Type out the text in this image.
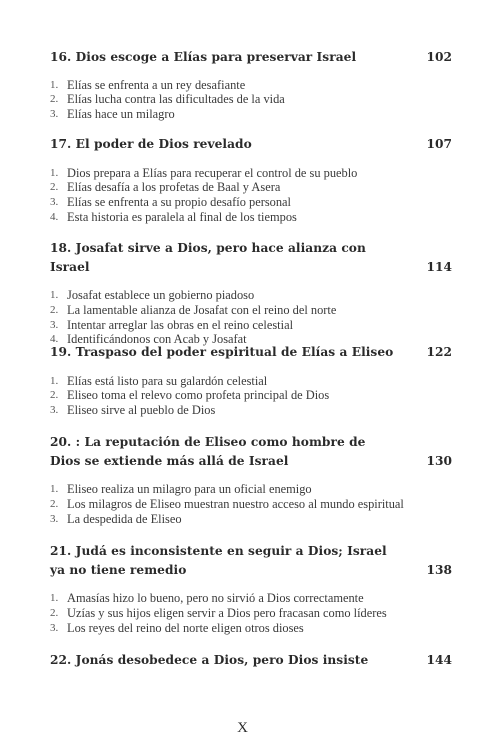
16. Dios escoge a Elías para preservar Israel	102
1. Elías se enfrenta a un rey desafiante
2. Elías lucha contra las dificultades de la vida
3. Elías hace un milagro
17. El poder de Dios revelado	107
1. Dios prepara a Elías para recuperar el control de su pueblo
2. Elías desafía a los profetas de Baal y Asera
3. Elías se enfrenta a su propio desafío personal
4. Esta historia es paralela al final de los tiempos
18. Josafat sirve a Dios, pero hace alianza con Israel	114
1. Josafat establece un gobierno piadoso
2. La lamentable alianza de Josafat con el reino del norte
3. Intentar arreglar las obras en el reino celestial
4. Identificándonos con Acab y Josafat
19. Traspaso del poder espiritual de Elías a Eliseo	122
1. Elías está listo para su galardón celestial
2. Eliseo toma el relevo como profeta principal de Dios
3. Eliseo sirve al pueblo de Dios
20. : La reputación de Eliseo como hombre de Dios se extiende más allá de Israel	130
1. Eliseo realiza un milagro para un oficial enemigo
2. Los milagros de Eliseo muestran nuestro acceso al mundo espiritual
3. La despedida de Eliseo
21. Judá es inconsistente en seguir a Dios; Israel ya no tiene remedio	138
1. Amasías hizo lo bueno, pero no sirvió a Dios correctamente
2. Uzías y sus hijos eligen servir a Dios pero fracasan como líderes
3. Los reyes del reino del norte eligen otros dioses
22. Jonás desobedece a Dios, pero Dios insiste	144
X
